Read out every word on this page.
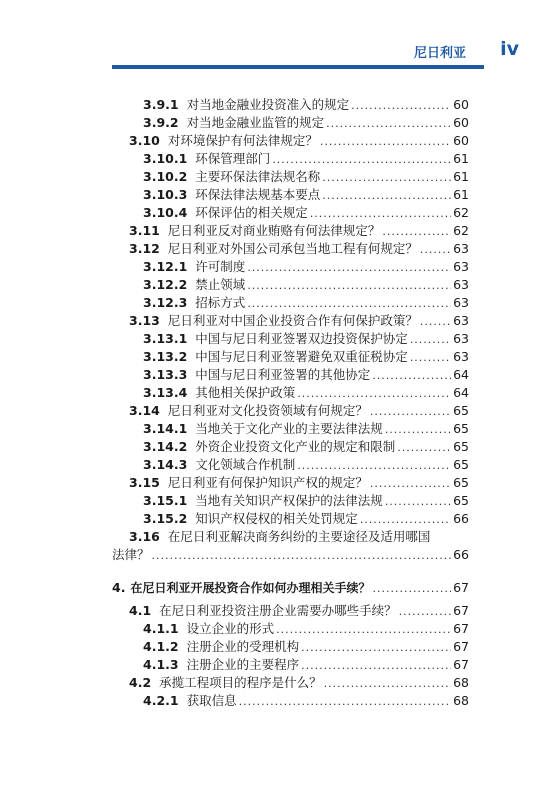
尼日利亚 iv
3.9.1 对当地金融业投资准入的规定 .....	60
3.9.2 对当地金融业监管的规定 .....	60
3.10 对环境保护有何法律规定？ .....	60
3.10.1 环保管理部门 .....	61
3.10.2 主要环保法律法规名称 .....	61
3.10.3 环保法律法规基本要点 .....	61
3.10.4 环保评估的相关规定 .....	62
3.11 尼日利亚反对商业贿赂有何法律规定？ .....	62
3.12 尼日利亚对外国公司承包当地工程有何规定？ .....	63
3.12.1 许可制度 .....	63
3.12.2 禁止领域 .....	63
3.12.3 招标方式 .....	63
3.13 尼日利亚对中国企业投资合作有何保护政策？ .....	63
3.13.1 中国与尼日利亚签署双边投资保护协定 .....	63
3.13.2 中国与尼日利亚签署避免双重征税协定 .....	63
3.13.3 中国与尼日利亚签署的其他协定 .....	64
3.13.4 其他相关保护政策 .....	64
3.14 尼日利亚对文化投资领域有何规定？ .....	65
3.14.1 当地关于文化产业的主要法律法规 .....	65
3.14.2 外资企业投资文化产业的规定和限制 .....	65
3.14.3 文化领域合作机制 .....	65
3.15 尼日利亚有何保护知识产权的规定？ .....	65
3.15.1 当地有关知识产权保护的法律法规 .....	65
3.15.2 知识产权侵权的相关处罚规定 .....	66
3.16 在尼日利亚解决商务纠纷的主要途径及适用哪国
法律？ .....	66
4. 在尼日利亚开展投资合作如何办理相关手续？ .....	67
4.1 在尼日利亚投资注册企业需要办哪些手续？ .....	67
4.1.1 设立企业的形式 .....	67
4.1.2 注册企业的受理机构 .....	67
4.1.3 注册企业的主要程序 .....	67
4.2 承揽工程项目的程序是什么？ .....	68
4.2.1 获取信息 .....	68
